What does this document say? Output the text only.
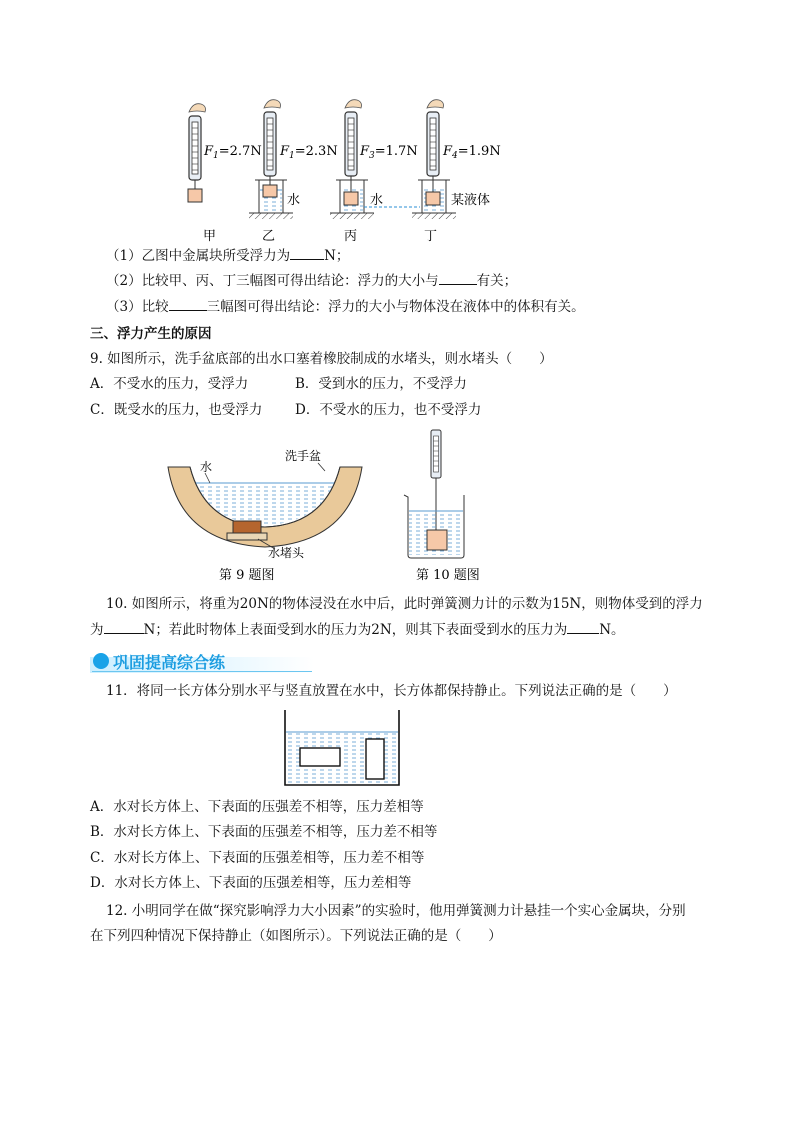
$F_1=2.7N$ $F_1=2.3N$ $F_3=1.7N$ $F_4=1.9N$
水	水	某液体
甲	乙	丙	丁
（1）乙图中金属块所受浮力为	N；
（2）比较甲、丙、丁三幅图可得出结论：浮力的大小与	有关；
（3）比较	三幅图可得出结论：浮力的大小与物体没在液体中的体积有关。
三、浮力产生的原因
9. 如图所示，洗手盆底部的出水口塞着橡胶制成的水堵头，则水堵头（　　）
A．不受水的压力，受浮力	B．受到水的压力，不受浮力
C．既受水的压力，也受浮力 D．不受水的压力，也不受浮力
水
洗手盆
水堵头
第 9 题图	第 10 题图
10. 如图所示，将重为20N的物体浸没在水中后，此时弹簧测力计的示数为15N，则物体受到的浮力
为	N；若此时物体上表面受到水的压力为2N，则其下表面受到水的压力为 N。
巩固提高综合练
11．将同一长方体分别水平与竖直放置在水中，长方体都保持静止。下列说法正确的是（　　）
A．水对长方体上、下表面的压强差不相等，压力差相等
B．水对长方体上、下表面的压强差不相等，压力差不相等
C．水对长方体上、下表面的压强差相等，压力差不相等
D．水对长方体上、下表面的压强差相等，压力差相等
12. 小明同学在做“探究影响浮力大小因素”的实验时，他用弹簧测力计悬挂一个实心金属块，分别
在下列四种情况下保持静止（如图所示）。下列说法正确的是（　　）
